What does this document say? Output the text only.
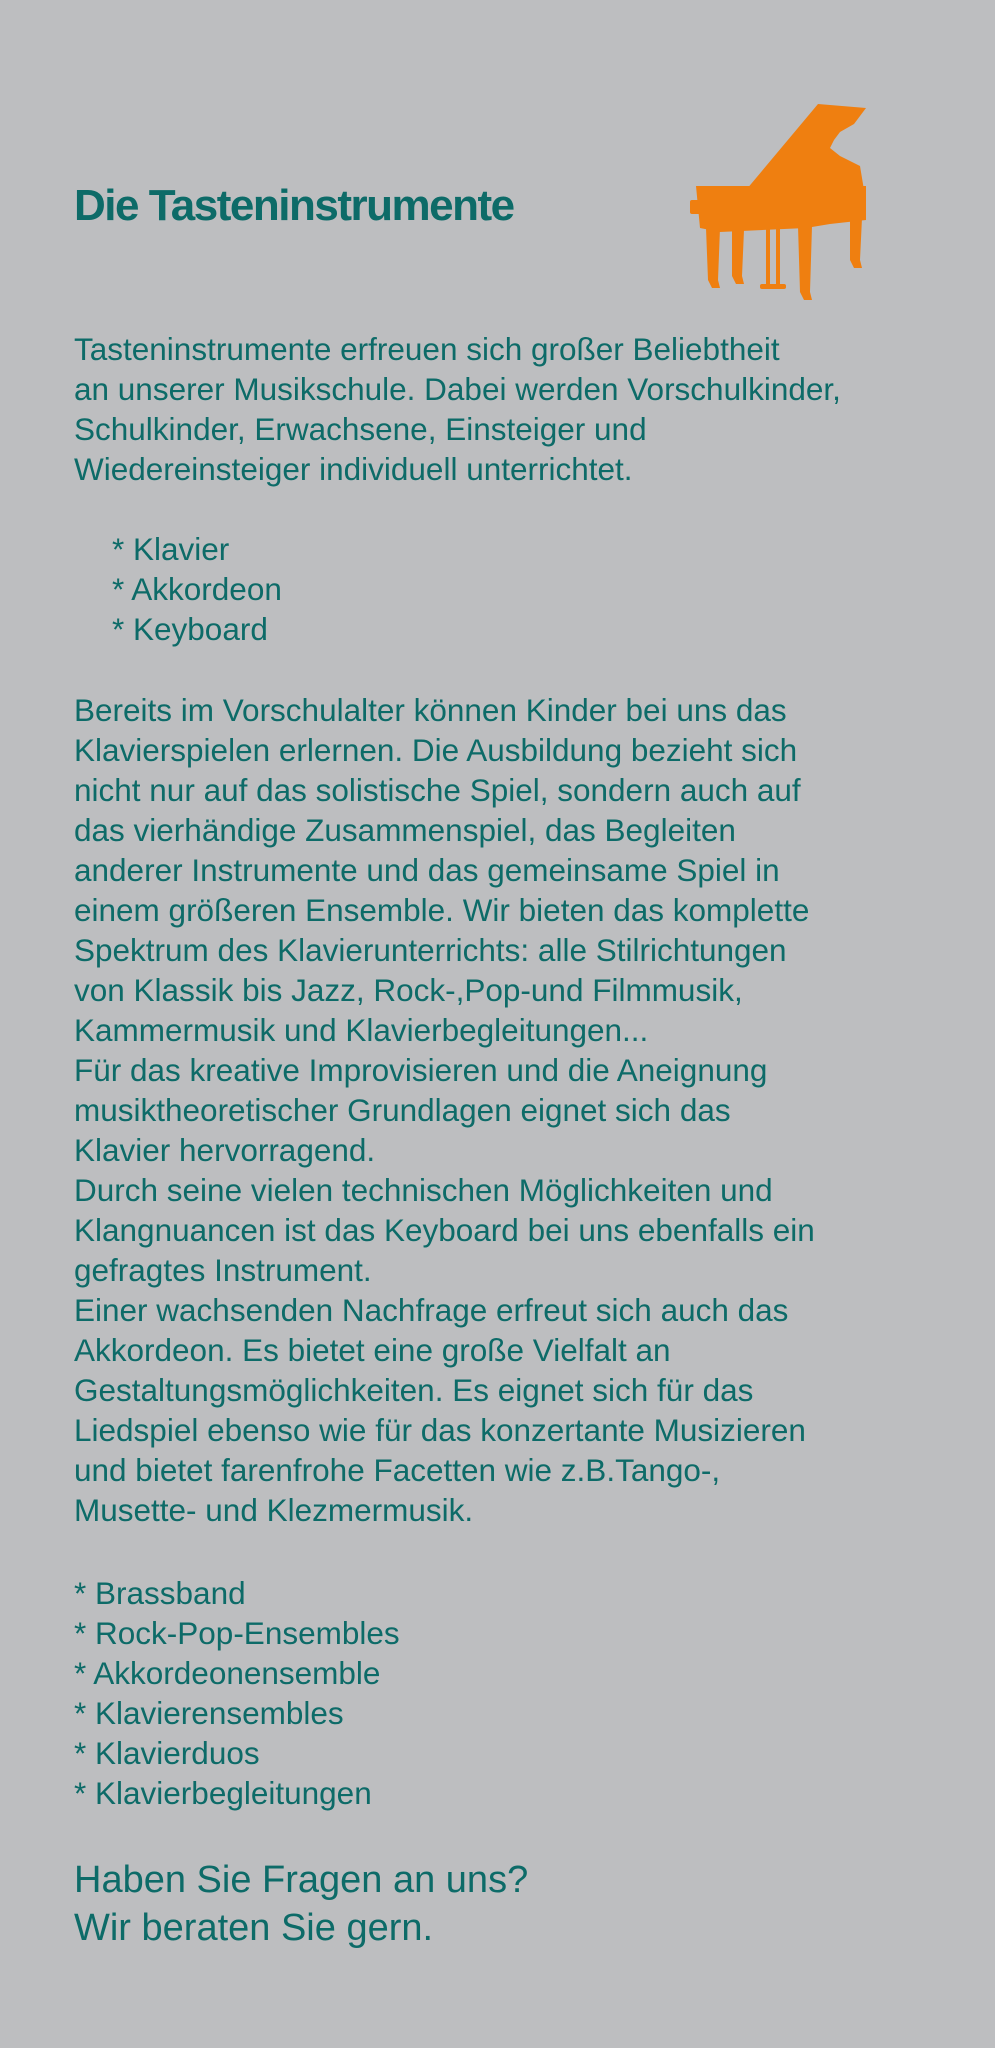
Die Tasteninstrumente

Tasteninstrumente erfreuen sich großer Beliebtheit
an unserer Musikschule. Dabei werden Vorschulkinder,
Schulkinder, Erwachsene, Einsteiger und
Wiedereinsteiger individuell unterrichtet.

* Klavier
* Akkordeon
* Keyboard

Bereits im Vorschulalter können Kinder bei uns das
Klavierspielen erlernen. Die Ausbildung bezieht sich
nicht nur auf das solistische Spiel, sondern auch auf
das vierhändige Zusammenspiel, das Begleiten
anderer Instrumente und das gemeinsame Spiel in
einem größeren Ensemble. Wir bieten das komplette
Spektrum des Klavierunterrichts: alle Stilrichtungen
von Klassik bis Jazz, Rock-,Pop-und Filmmusik,
Kammermusik und Klavierbegleitungen...
Für das kreative Improvisieren und die Aneignung
musiktheoretischer Grundlagen eignet sich das
Klavier hervorragend.
Durch seine vielen technischen Möglichkeiten und
Klangnuancen ist das Keyboard bei uns ebenfalls ein
gefragtes Instrument.
Einer wachsenden Nachfrage erfreut sich auch das
Akkordeon. Es bietet eine große Vielfalt an
Gestaltungsmöglichkeiten. Es eignet sich für das
Liedspiel ebenso wie für das konzertante Musizieren
und bietet farenfrohe Facetten wie z.B.Tango-,
Musette- und Klezmermusik.

* Brassband
* Rock-Pop-Ensembles
* Akkordeonensemble
* Klavierensembles
* Klavierduos
* Klavierbegleitungen

Haben Sie Fragen an uns?
Wir beraten Sie gern.
